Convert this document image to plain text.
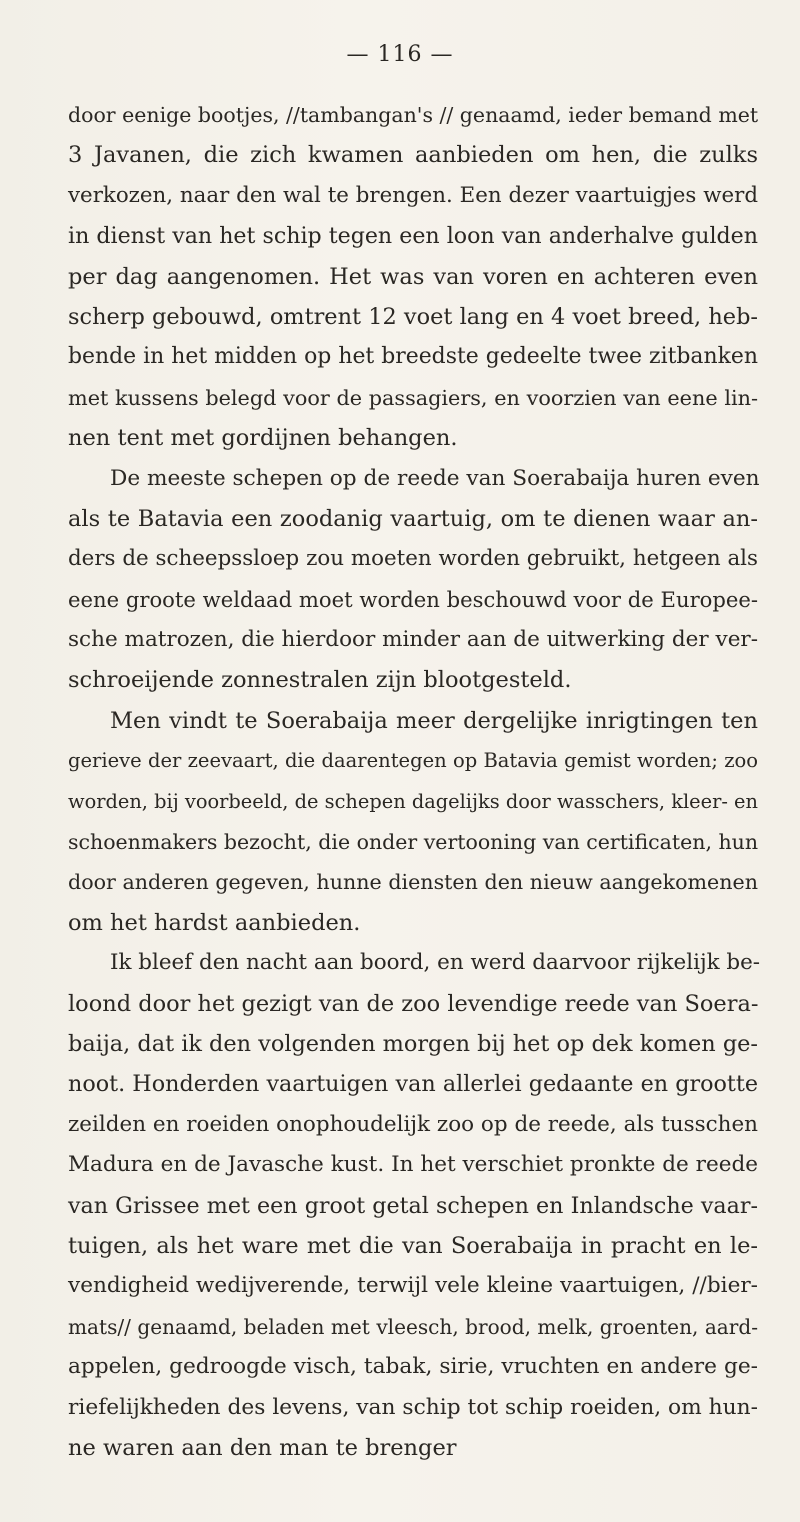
— 116 —
door eenige bootjes, //tambangan's // genaamd, ieder bemand met
3 Javanen, die zich kwamen aanbieden om hen, die zulks
verkozen, naar den wal te brengen. Een dezer vaartuigjes werd
in dienst van het schip tegen een loon van anderhalve gulden
per dag aangenomen. Het was van voren en achteren even
scherp gebouwd, omtrent 12 voet lang en 4 voet breed, heb-
bende in het midden op het breedste gedeelte twee zitbanken
met kussens belegd voor de passagiers, en voorzien van eene lin-
nen tent met gordijnen behangen.
De meeste schepen op de reede van Soerabaija huren even
als te Batavia een zoodanig vaartuig, om te dienen waar an-
ders de scheepssloep zou moeten worden gebruikt, hetgeen als
eene groote weldaad moet worden beschouwd voor de Europee-
sche matrozen, die hierdoor minder aan de uitwerking der ver-
schroeijende zonnestralen zijn blootgesteld.
Men vindt te Soerabaija meer dergelijke inrigtingen ten
gerieve der zeevaart, die daarentegen op Batavia gemist worden; zoo
worden, bij voorbeeld, de schepen dagelijks door wasschers, kleer- en
schoenmakers bezocht, die onder vertooning van certificaten, hun
door anderen gegeven, hunne diensten den nieuw aangekomenen
om het hardst aanbieden.
Ik bleef den nacht aan boord, en werd daarvoor rijkelijk be-
loond door het gezigt van de zoo levendige reede van Soera-
baija, dat ik den volgenden morgen bij het op dek komen ge-
noot. Honderden vaartuigen van allerlei gedaante en grootte
zeilden en roeiden onophoudelijk zoo op de reede, als tusschen
Madura en de Javasche kust. In het verschiet pronkte de reede
van Grissee met een groot getal schepen en Inlandsche vaar-
tuigen, als het ware met die van Soerabaija in pracht en le-
vendigheid wedijverende, terwijl vele kleine vaartuigen, //bier-
mats// genaamd, beladen met vleesch, brood, melk, groenten, aard-
appelen, gedroogde visch, tabak, sirie, vruchten en andere ge-
riefelijkheden des levens, van schip tot schip roeiden, om hun-
ne waren aan den man te brenger
